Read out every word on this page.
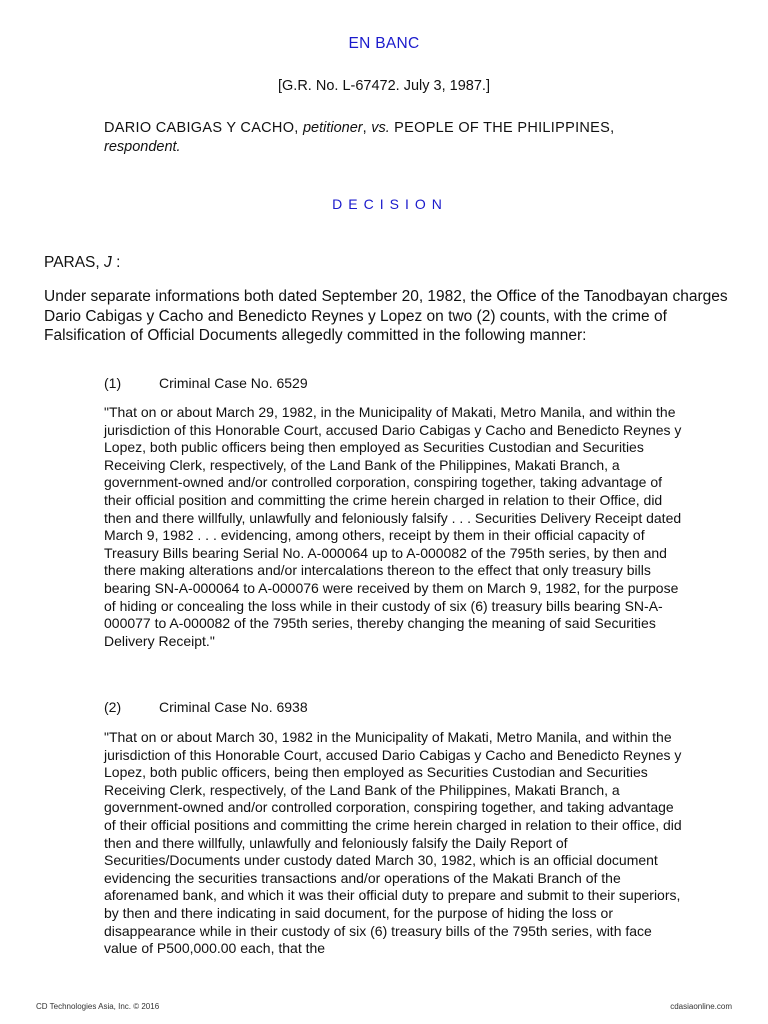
EN BANC
[G.R. No. L-67472. July 3, 1987.]
DARIO CABIGAS Y CACHO, petitioner, vs. PEOPLE OF THE PHILIPPINES, respondent.
DECISION
PARAS, J :
Under separate informations both dated September 20, 1982, the Office of the Tanodbayan charges Dario Cabigas y Cacho and Benedicto Reynes y Lopez on two (2) counts, with the crime of Falsification of Official Documents allegedly committed in the following manner:
(1)	Criminal Case No. 6529
"That on or about March 29, 1982, in the Municipality of Makati, Metro Manila, and within the jurisdiction of this Honorable Court, accused Dario Cabigas y Cacho and Benedicto Reynes y Lopez, both public officers being then employed as Securities Custodian and Securities Receiving Clerk, respectively, of the Land Bank of the Philippines, Makati Branch, a government-owned and/or controlled corporation, conspiring together, taking advantage of their official position and committing the crime herein charged in relation to their Office, did then and there willfully, unlawfully and feloniously falsify . . . Securities Delivery Receipt dated March 9, 1982 . . . evidencing, among others, receipt by them in their official capacity of Treasury Bills bearing Serial No. A-000064 up to A-000082 of the 795th series, by then and there making alterations and/or intercalations thereon to the effect that only treasury bills bearing SN-A-000064 to A-000076 were received by them on March 9, 1982, for the purpose of hiding or concealing the loss while in their custody of six (6) treasury bills bearing SN-A-000077 to A-000082 of the 795th series, thereby changing the meaning of said Securities Delivery Receipt."
(2)	Criminal Case No. 6938
"That on or about March 30, 1982 in the Municipality of Makati, Metro Manila, and within the jurisdiction of this Honorable Court, accused Dario Cabigas y Cacho and Benedicto Reynes y Lopez, both public officers, being then employed as Securities Custodian and Securities Receiving Clerk, respectively, of the Land Bank of the Philippines, Makati Branch, a government-owned and/or controlled corporation, conspiring together, and taking advantage of their official positions and committing the crime herein charged in relation to their office, did then and there willfully, unlawfully and feloniously falsify the Daily Report of Securities/Documents under custody dated March 30, 1982, which is an official document evidencing the securities transactions and/or operations of the Makati Branch of the aforenamed bank, and which it was their official duty to prepare and submit to their superiors, by then and there indicating in said document, for the purpose of hiding the loss or disappearance while in their custody of six (6) treasury bills of the 795th series, with face value of P500,000.00 each, that the
CD Technologies Asia, Inc. © 2016	cdasiaonline.com
